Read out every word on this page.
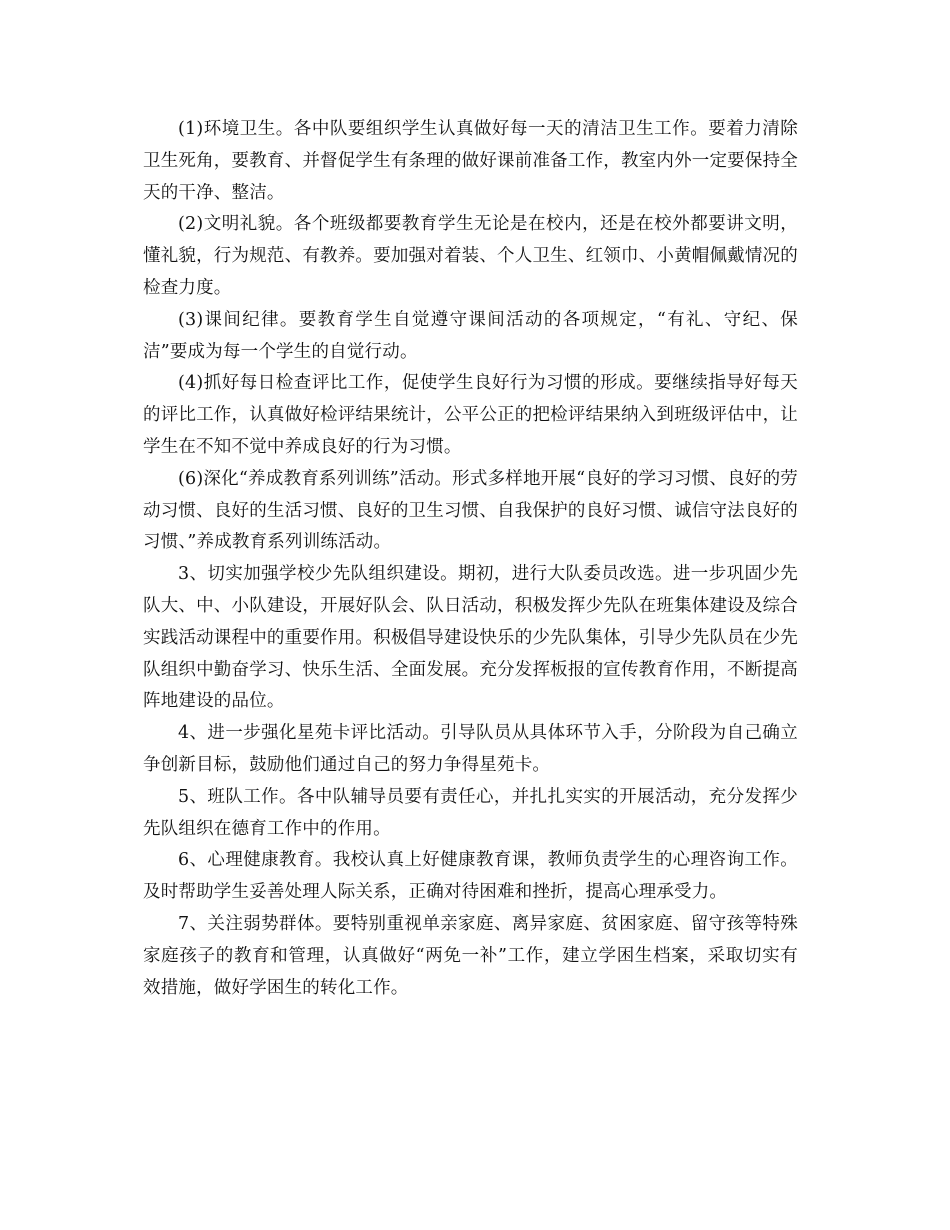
(1)环境卫生。各中队要组织学生认真做好每一天的清洁卫生工作。要着力清除卫生死角，要教育、并督促学生有条理的做好课前准备工作，教室内外一定要保持全天的干净、整洁。

(2)文明礼貌。各个班级都要教育学生无论是在校内，还是在校外都要讲文明，懂礼貌，行为规范、有教养。要加强对着装、个人卫生、红领巾、小黄帽佩戴情况的检查力度。

(3)课间纪律。要教育学生自觉遵守课间活动的各项规定，“有礼、守纪、保洁”要成为每一个学生的自觉行动。

(4)抓好每日检查评比工作，促使学生良好行为习惯的形成。要继续指导好每天的评比工作，认真做好检评结果统计，公平公正的把检评结果纳入到班级评估中，让学生在不知不觉中养成良好的行为习惯。

(6)深化“养成教育系列训练”活动。形式多样地开展“良好的学习习惯、良好的劳动习惯、良好的生活习惯、良好的卫生习惯、自我保护的良好习惯、诚信守法良好的习惯、”养成教育系列训练活动。

3、切实加强学校少先队组织建设。期初，进行大队委员改选。进一步巩固少先队大、中、小队建设，开展好队会、队日活动，积极发挥少先队在班集体建设及综合实践活动课程中的重要作用。积极倡导建设快乐的少先队集体，引导少先队员在少先队组织中勤奋学习、快乐生活、全面发展。充分发挥板报的宣传教育作用，不断提高阵地建设的品位。

4、进一步强化星苑卡评比活动。引导队员从具体环节入手，分阶段为自己确立争创新目标，鼓励他们通过自己的努力争得星苑卡。

5、班队工作。各中队辅导员要有责任心，并扎扎实实的开展活动，充分发挥少先队组织在德育工作中的作用。

6、心理健康教育。我校认真上好健康教育课，教师负责学生的心理咨询工作。及时帮助学生妥善处理人际关系，正确对待困难和挫折，提高心理承受力。

7、关注弱势群体。要特别重视单亲家庭、离异家庭、贫困家庭、留守孩等特殊家庭孩子的教育和管理，认真做好“两免一补”工作，建立学困生档案，采取切实有效措施，做好学困生的转化工作。
